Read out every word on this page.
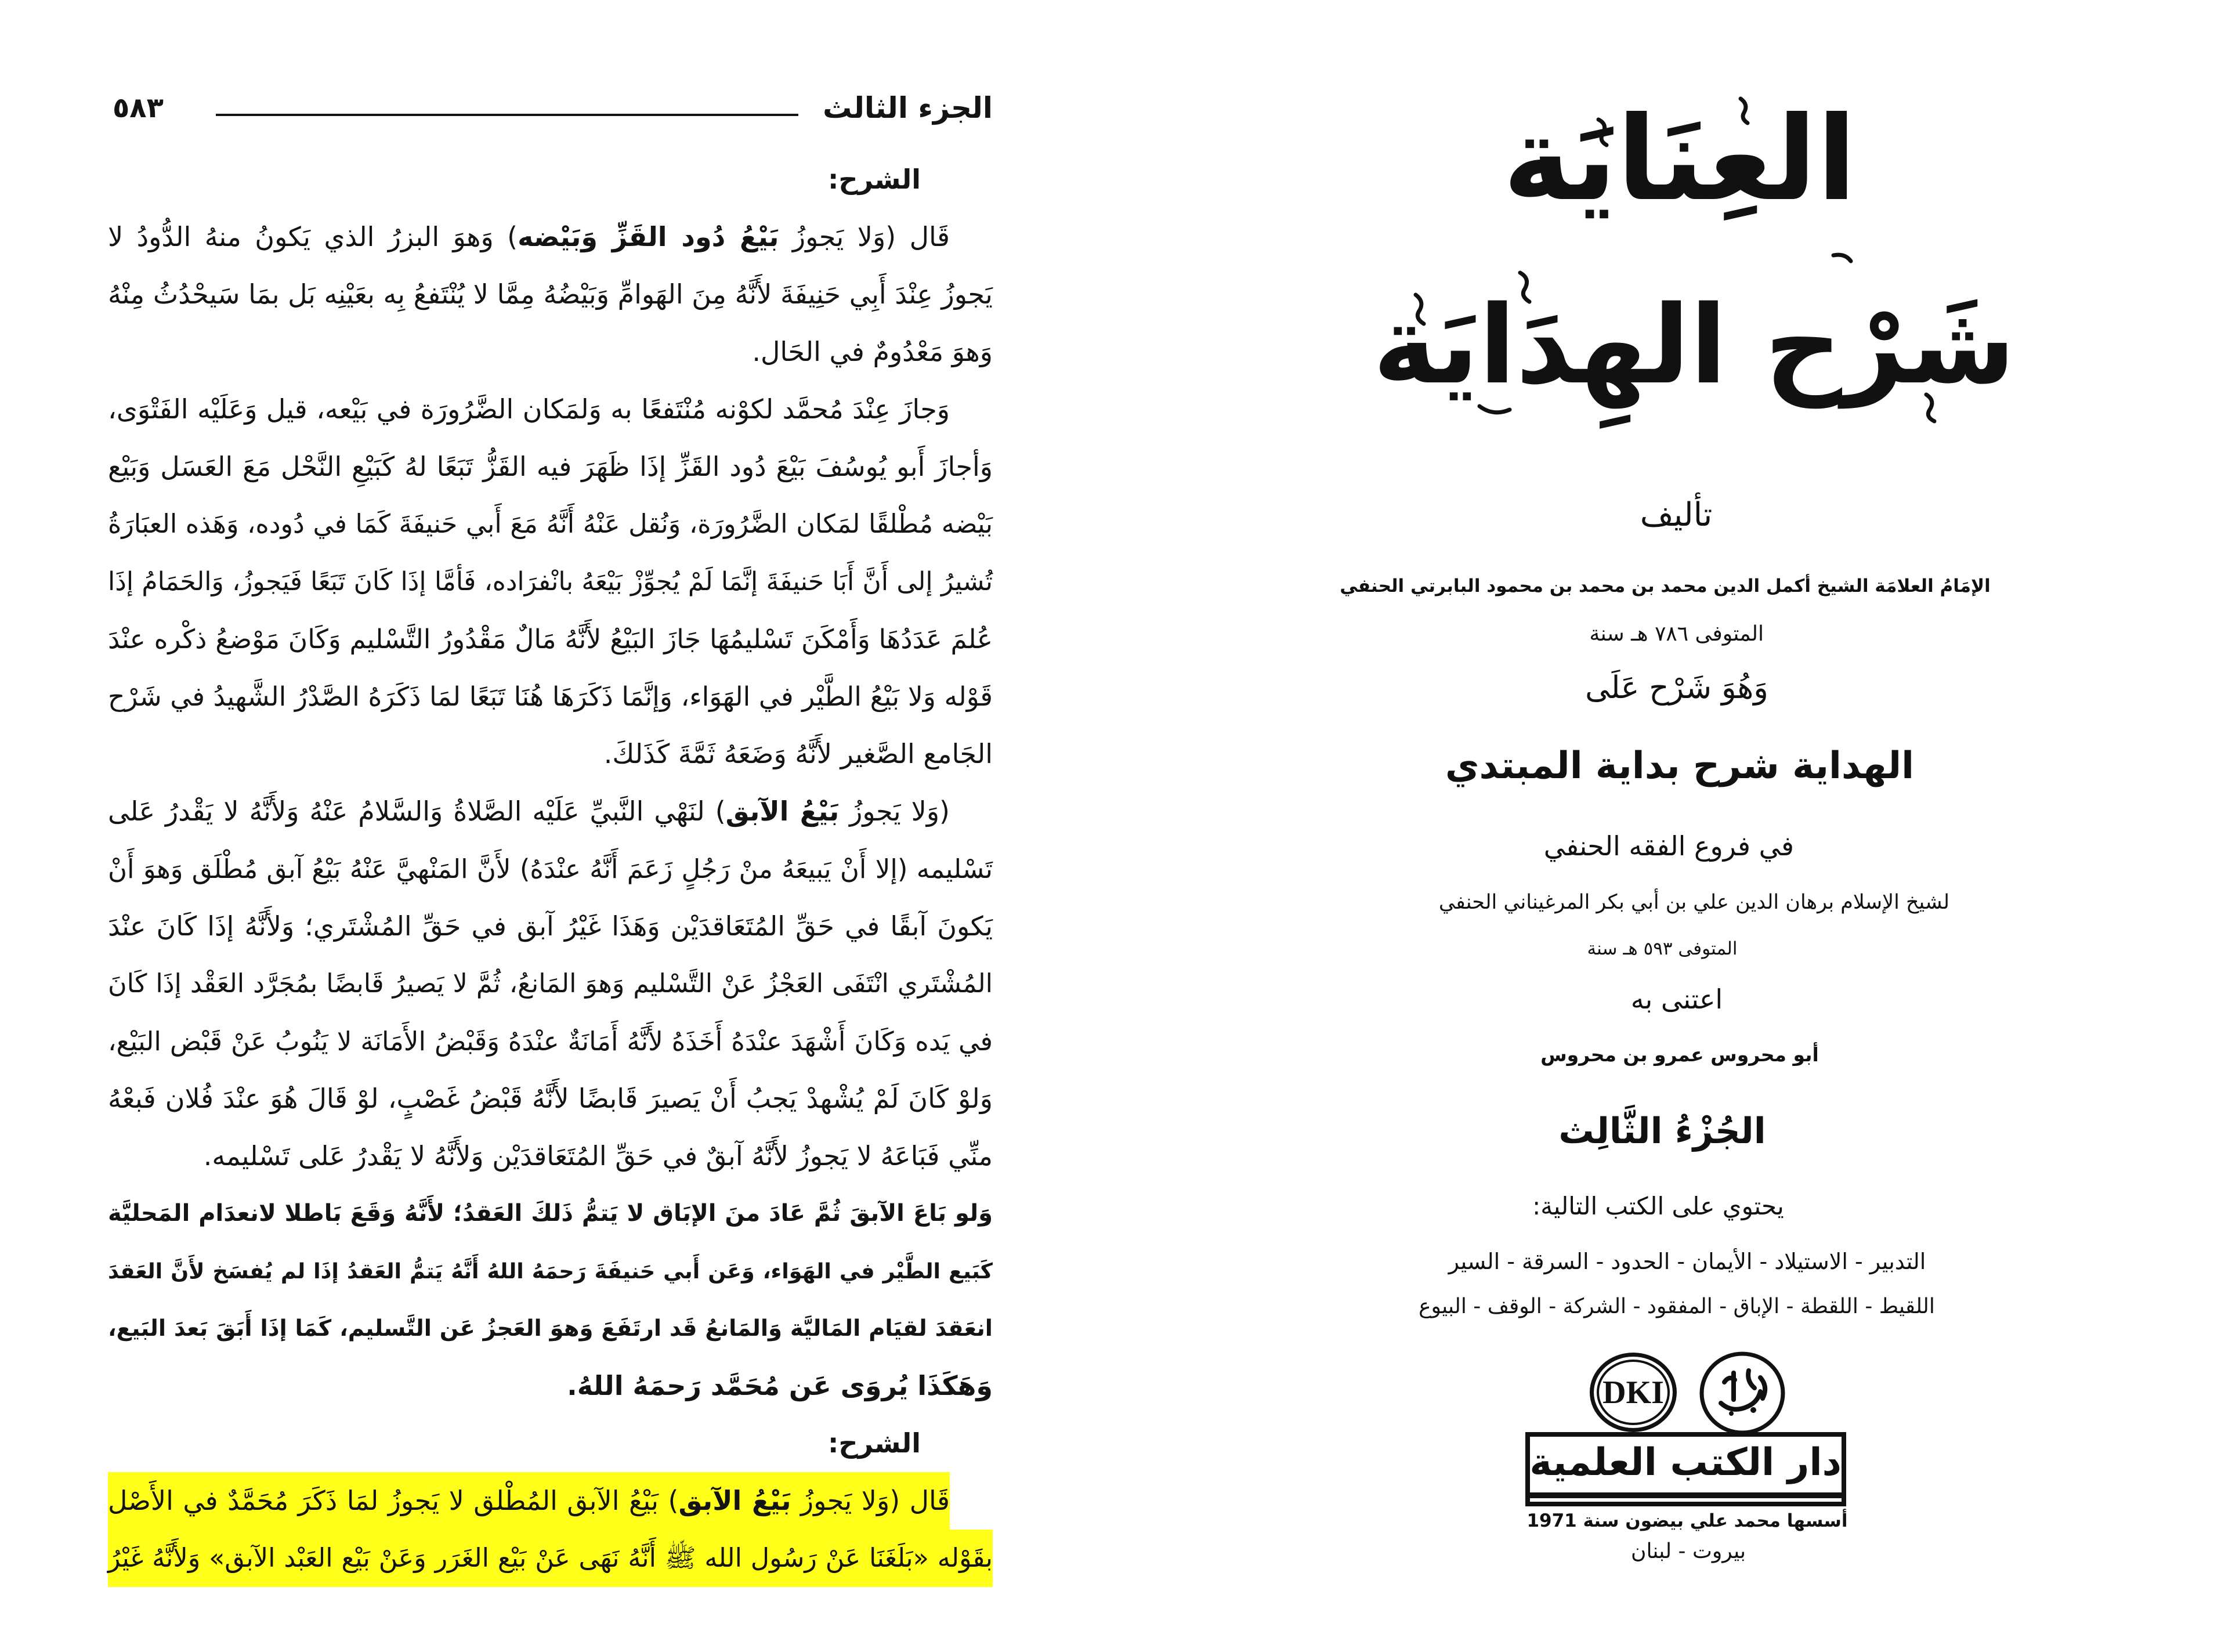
الجزء الثالث
٥٨٣
الشرح:
قَال (وَلا يَجوزُ بَيْعُ دُود القَزِّ وَبَيْضه) وَهوَ البزرُ الذي يَكونُ منهُ الدُّودُ لا
يَجوزُ عِنْدَ أَبِي حَنِيفَةَ لأَنَّهُ مِنَ الهَوامِّ وَبَيْضُهُ مِمَّا لا يُنْتَفعُ بِه بعَيْنِه بَل بمَا سَيحْدُثُ مِنْهُ
وَهوَ مَعْدُومٌ في الحَال.
وَجازَ عِنْدَ مُحمَّد لكوْنه مُنْتَفعًا به وَلمَكان الضَّرُورَة في بَيْعه، قيل وَعَلَيْه الفَتْوَى،
وَأجازَ أَبو يُوسُفَ بَيْعَ دُود القَزِّ إذَا ظَهَرَ فيه القَزُّ تَبَعًا لهُ كَبَيْعِ النَّحْل مَعَ العَسَل وَبَيْع
بَيْضه مُطْلقًا لمَكان الضَّرُورَة، وَنُقل عَنْهُ أَنَّهُ مَعَ أَبي حَنيفَةَ كَمَا في دُوده، وَهَذه العبَارَةُ
تُشيرُ إلى أَنَّ أَبَا حَنيفَةَ إنَّمَا لَمْ يُجوِّزْ بَيْعَهُ بانْفرَاده، فَأمَّا إذَا كَانَ تَبَعًا فَيَجوزُ، وَالحَمَامُ إذَا
عُلمَ عَدَدُهَا وَأَمْكَنَ تَسْليمُهَا جَازَ البَيْعُ لأَنَّهُ مَالٌ مَقْدُورُ التَّسْليم وَكَانَ مَوْضعُ ذكْره عنْدَ
قَوْله وَلا بَيْعُ الطَّيْر في الهَوَاء، وَإنَّمَا ذَكَرَهَا هُنَا تَبَعًا لمَا ذَكَرَهُ الصَّدْرُ الشَّهيدُ في شَرْح
الجَامع الصَّغير لأَنَّهُ وَضَعَهُ ثَمَّةَ كَذَلكَ.
(وَلا يَجوزُ بَيْعُ الآبق) لنَهْي النَّبيِّ عَلَيْه الصَّلاةُ وَالسَّلامُ عَنْهُ وَلأَنَّهُ لا يَقْدرُ عَلى
تَسْليمه (إلا أَنْ يَبيعَهُ منْ رَجُلٍ زَعَمَ أَنَّهُ عنْدَهُ) لأَنَّ المَنْهيَّ عَنْهُ بَيْعُ آبق مُطْلَق وَهوَ أَنْ
يَكونَ آبقًا في حَقِّ المُتَعَاقدَيْن وَهَذَا غَيْرُ آبق في حَقِّ المُشْتَري؛ وَلأَنَّهُ إذَا كَانَ عنْدَ
المُشْتَري انْتَفَى العَجْزُ عَنْ التَّسْليم وَهوَ المَانعُ، ثُمَّ لا يَصيرُ قَابضًا بمُجَرَّد العَقْد إذَا كَانَ
في يَده وَكَانَ أَشْهَدَ عنْدَهُ أَخَذَهُ لأَنَّهُ أَمَانَةٌ عنْدَهُ وَقَبْضُ الأَمَانَة لا يَنُوبُ عَنْ قَبْض البَيْع،
وَلوْ كَانَ لَمْ يُشْهدْ يَجبُ أَنْ يَصيرَ قَابضًا لأَنَّهُ قَبْضُ غَصْبٍ، لوْ قَالَ هُوَ عنْدَ فُلان فَبعْهُ
منِّي فَبَاعَهُ لا يَجوزُ لأَنَّهُ آبقٌ في حَقِّ المُتَعَاقدَيْن وَلأَنَّهُ لا يَقْدرُ عَلى تَسْليمه.
وَلو بَاعَ الآبقَ ثُمَّ عَادَ منَ الإبَاق لا يَتمُّ ذَلكَ العَقدُ؛ لأَنَّهُ وَقَعَ بَاطلا لانعدَام المَحليَّة
كَبَيع الطَّيْر في الهَوَاء، وَعَن أَبي حَنيفَةَ رَحمَهُ اللهُ أَنَّهُ يَتمُّ العَقدُ إذَا لم يُفسَخ لأَنَّ العَقدَ
انعَقدَ لقيَام المَاليَّة وَالمَانعُ قَد ارتَفَعَ وَهوَ العَجزُ عَن التَّسليم، كَمَا إذَا أَبَقَ بَعدَ البَيع،
وَهَكَذَا يُروَى عَن مُحَمَّد رَحمَهُ اللهُ.
الشرح:
قَال (وَلا يَجوزُ بَيْعُ الآبق) بَيْعُ الآبق المُطْلق لا يَجوزُ لمَا ذَكَرَ مُحَمَّدٌ في الأَصْل
بقَوْله «بَلَغَنَا عَنْ رَسُول الله ﷺ أَنَّهُ نَهَى عَنْ بَيْع الغَرَر وَعَنْ بَيْع العَبْد الآبق» وَلأَنَّهُ غَيْرُ
العِنَايَة
شَرْح الهِدَايَة
تأليف
الإمَامُ العلامَة الشيخ أكمل الدين محمد بن محمد بن محمود البابرتي الحنفي
المتوفى ٧٨٦ هـ سنة
وَهُوَ شَرْح عَلَى
الهداية شرح بداية المبتدي
في فروع الفقه الحنفي
لشيخ الإسلام برهان الدين علي بن أبي بكر المرغيناني الحنفي
المتوفى ٥٩٣ هـ سنة
اعتنى به
أبو محروس عمرو بن محروس
الجُزْءُ الثَّالِث
يحتوي على الكتب التالية:
التدبير - الاستيلاد - الأيمان - الحدود - السرقة - السير
اللقيط - اللقطة - الإباق - المفقود - الشركة - الوقف - البيوع
DKI
دار الكتب العلمية
أسسها محمد علي بيضون سنة 1971
بيروت - لبنان
